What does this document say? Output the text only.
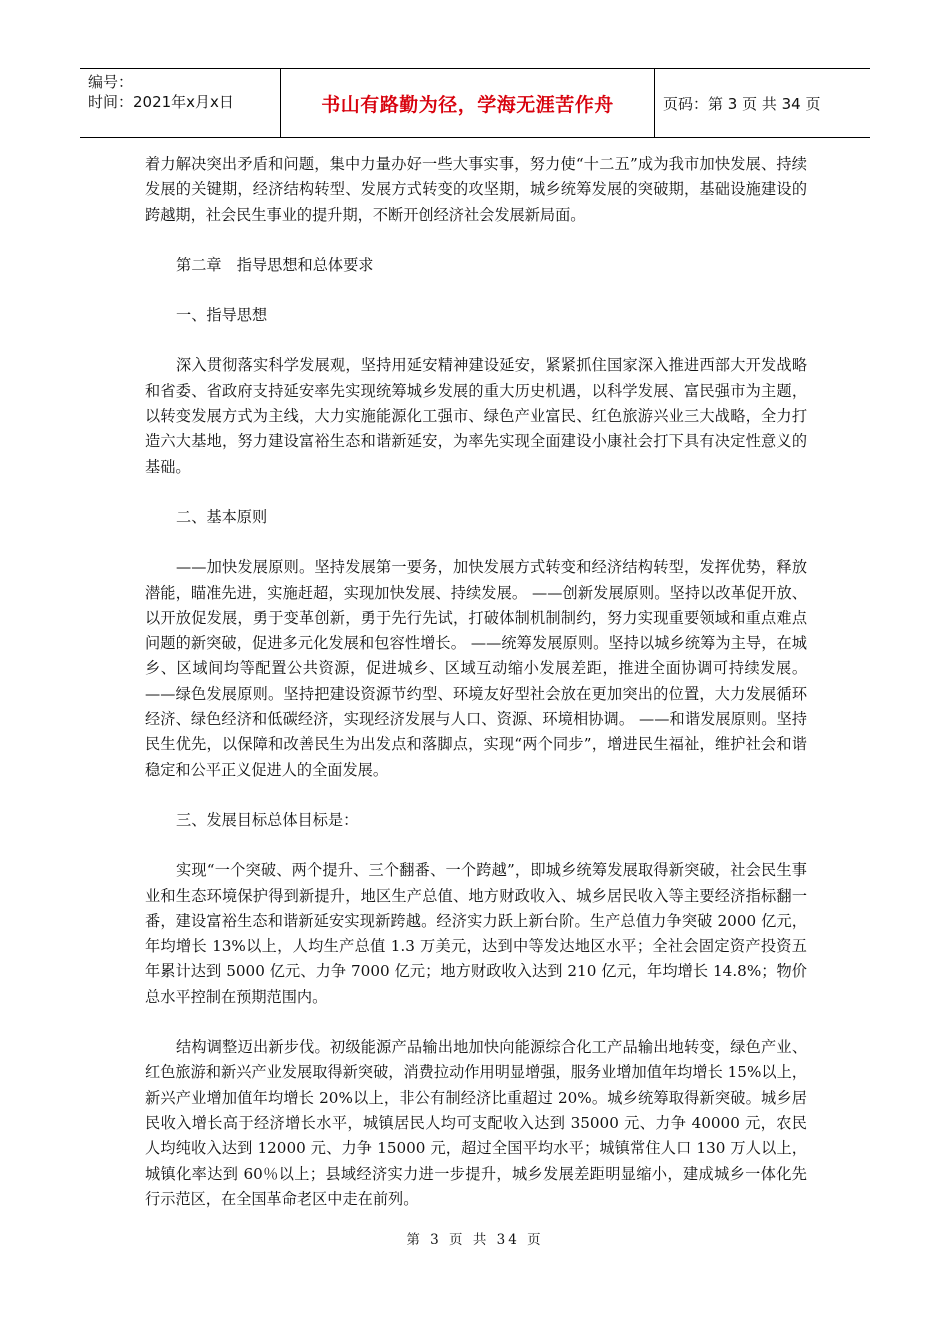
编号：
时间：2021年x月x日	书山有路勤为径，学海无涯苦作舟	页码：第 3 页 共 34 页

着力解决突出矛盾和问题，集中力量办好一些大事实事，努力使“十二五”成为我市加快发展、持续发展的关键期，经济结构转型、发展方式转变的攻坚期，城乡统筹发展的突破期，基础设施建设的跨越期，社会民生事业的提升期，不断开创经济社会发展新局面。

第二章　指导思想和总体要求

一、指导思想

深入贯彻落实科学发展观，坚持用延安精神建设延安，紧紧抓住国家深入推进西部大开发战略和省委、省政府支持延安率先实现统筹城乡发展的重大历史机遇，以科学发展、富民强市为主题，以转变发展方式为主线，大力实施能源化工强市、绿色产业富民、红色旅游兴业三大战略，全力打造六大基地，努力建设富裕生态和谐新延安，为率先实现全面建设小康社会打下具有决定性意义的基础。

二、基本原则

——加快发展原则。坚持发展第一要务，加快发展方式转变和经济结构转型，发挥优势，释放潜能，瞄准先进，实施赶超，实现加快发展、持续发展。 ——创新发展原则。坚持以改革促开放、以开放促发展，勇于变革创新，勇于先行先试，打破体制机制制约，努力实现重要领域和重点难点问题的新突破，促进多元化发展和包容性增长。 ——统筹发展原则。坚持以城乡统筹为主导，在城乡、区域间均等配置公共资源，促进城乡、区域互动缩小发展差距，推进全面协调可持续发展。 ——绿色发展原则。坚持把建设资源节约型、环境友好型社会放在更加突出的位置，大力发展循环经济、绿色经济和低碳经济，实现经济发展与人口、资源、环境相协调。 ——和谐发展原则。坚持民生优先，以保障和改善民生为出发点和落脚点，实现“两个同步”，增进民生福祉，维护社会和谐稳定和公平正义促进人的全面发展。

三、发展目标总体目标是：

实现“一个突破、两个提升、三个翻番、一个跨越”，即城乡统筹发展取得新突破，社会民生事业和生态环境保护得到新提升，地区生产总值、地方财政收入、城乡居民收入等主要经济指标翻一番，建设富裕生态和谐新延安实现新跨越。经济实力跃上新台阶。生产总值力争突破 2000 亿元，年均增长 13%以上，人均生产总值 1.3 万美元，达到中等发达地区水平；全社会固定资产投资五年累计达到 5000 亿元、力争 7000 亿元；地方财政收入达到 210 亿元，年均增长 14.8%；物价总水平控制在预期范围内。

结构调整迈出新步伐。初级能源产品输出地加快向能源综合化工产品输出地转变，绿色产业、红色旅游和新兴产业发展取得新突破，消费拉动作用明显增强，服务业增加值年均增长 15%以上，新兴产业增加值年均增长 20%以上，非公有制经济比重超过 20%。城乡统筹取得新突破。城乡居民收入增长高于经济增长水平，城镇居民人均可支配收入达到 35000 元、力争 40000 元，农民人均纯收入达到 12000 元、力争 15000 元，超过全国平均水平；城镇常住人口 130 万人以上，城镇化率达到 60％以上；县域经济实力进一步提升，城乡发展差距明显缩小，建成城乡一体化先行示范区，在全国革命老区中走在前列。

第 3 页 共 34 页
